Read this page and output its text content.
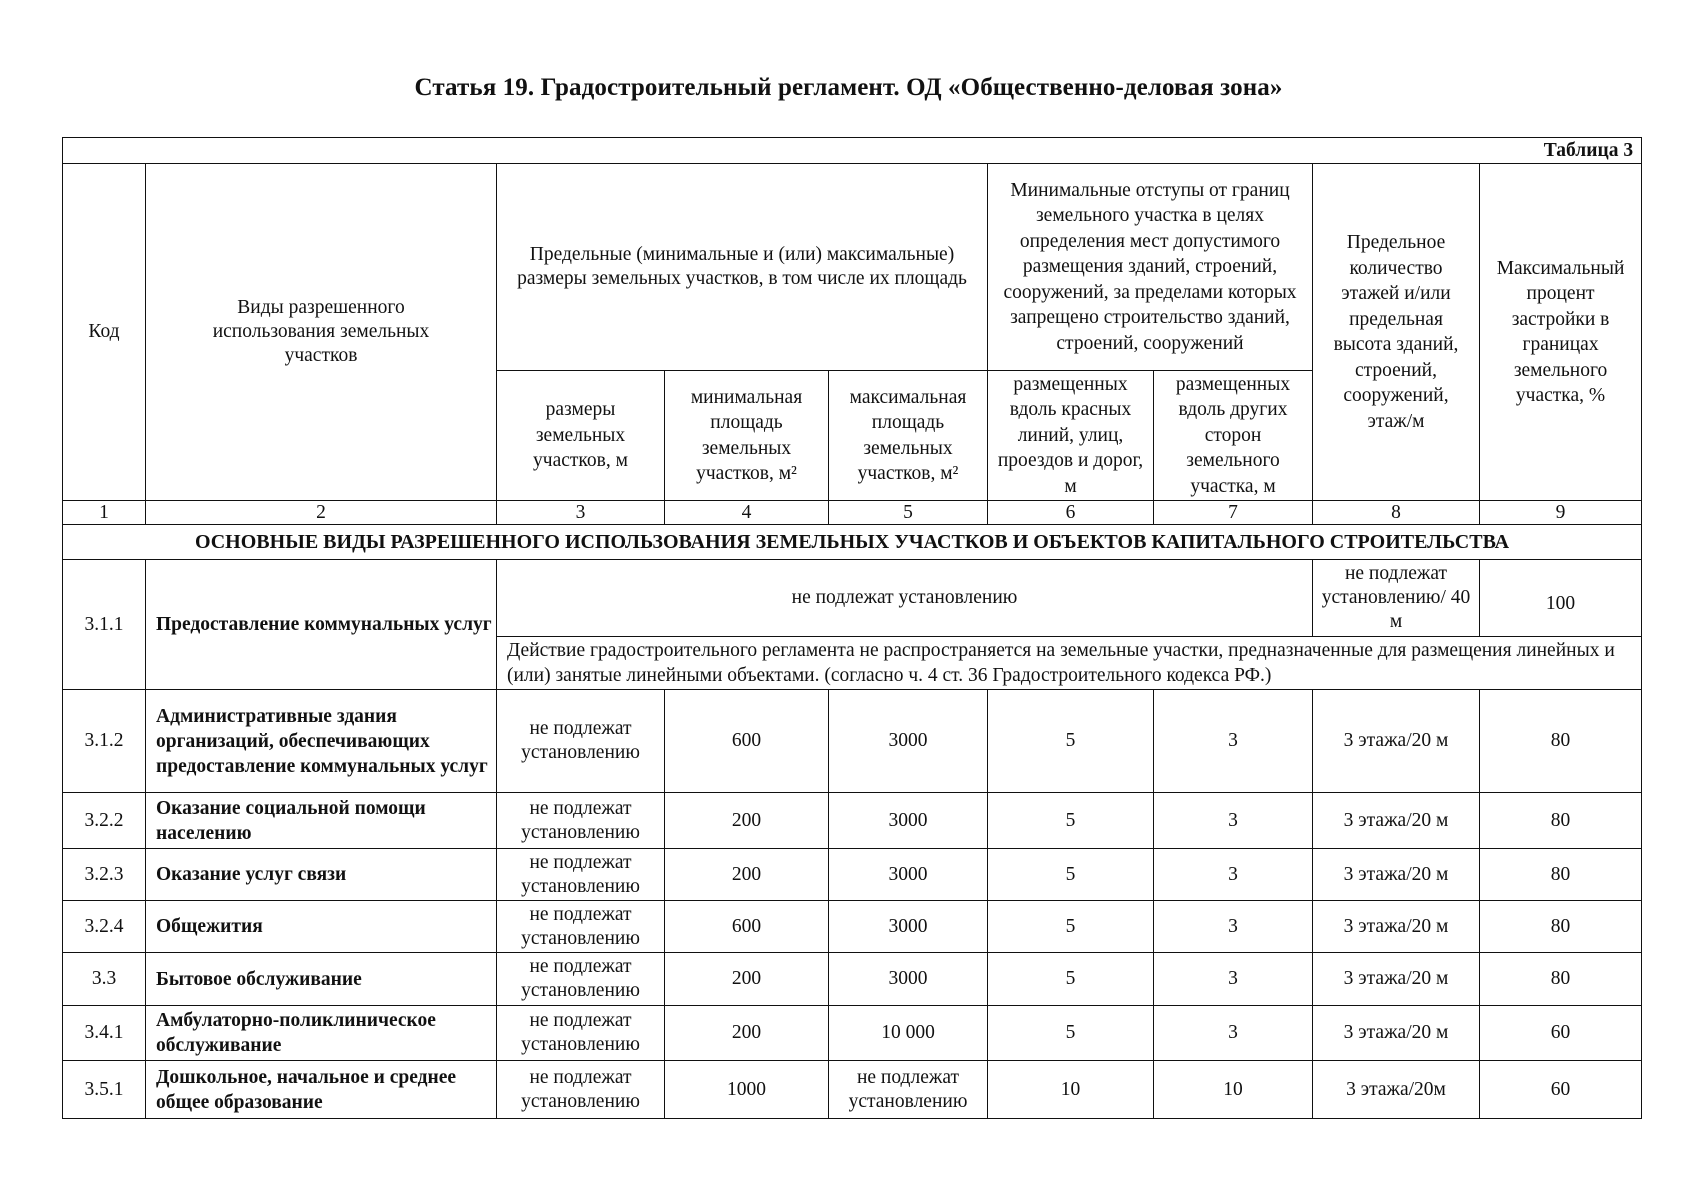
Статья 19. Градостроительный регламент. ОД «Общественно-деловая зона»
Таблица 3								
Код	Виды разрешенного использования земельных участков	Предельные (минимальные и (или) максимальные) размеры земельных участков, в том числе их площадь			Минимальные отступы от границ земельного участка в целях определения мест допустимого размещения зданий, строений, сооружений, за пределами которых запрещено строительство зданий, строений, сооружений		Предельное количество этажей и/или предельная высота зданий, строений, сооружений, этаж/м	Максимальный процент застройки в границах земельного участка, %
		размеры земельных участков, м	минимальная площадь земельных участков, м²	максимальная площадь земельных участков, м²	размещенных вдоль красных линий, улиц, проездов и дорог, м	размещенных вдоль других сторон земельного участка, м		
1	2	3	4	5	6	7	8	9
ОСНОВНЫЕ ВИДЫ РАЗРЕШЕННОГО ИСПОЛЬЗОВАНИЯ ЗЕМЕЛЬНЫХ УЧАСТКОВ И ОБЪЕКТОВ КАПИТАЛЬНОГО СТРОИТЕЛЬСТВА								
3.1.1	Предоставление коммунальных услуг	не подлежат установлению					не подлежат установлению/ 40 м	100
		Действие градостроительного регламента не распространяется на земельные участки, предназначенные для размещения линейных и (или) занятые линейными объектами. (согласно ч. 4 ст. 36 Градостроительного кодекса РФ.)						
3.1.2	Административные здания организаций, обеспечивающих предоставление коммунальных услуг	не подлежат установлению	600	3000	5	3	3 этажа/20 м	80
3.2.2	Оказание социальной помощи населению	не подлежат установлению	200	3000	5	3	3 этажа/20 м	80
3.2.3	Оказание услуг связи	не подлежат установлению	200	3000	5	3	3 этажа/20 м	80
3.2.4	Общежития	не подлежат установлению	600	3000	5	3	3 этажа/20 м	80
3.3	Бытовое обслуживание	не подлежат установлению	200	3000	5	3	3 этажа/20 м	80
3.4.1	Амбулаторно-поликлиническое обслуживание	не подлежат установлению	200	10 000	5	3	3 этажа/20 м	60
3.5.1	Дошкольное, начальное и среднее общее образование	не подлежат установлению	1000	не подлежат установлению	10	10	3 этажа/20м	60
